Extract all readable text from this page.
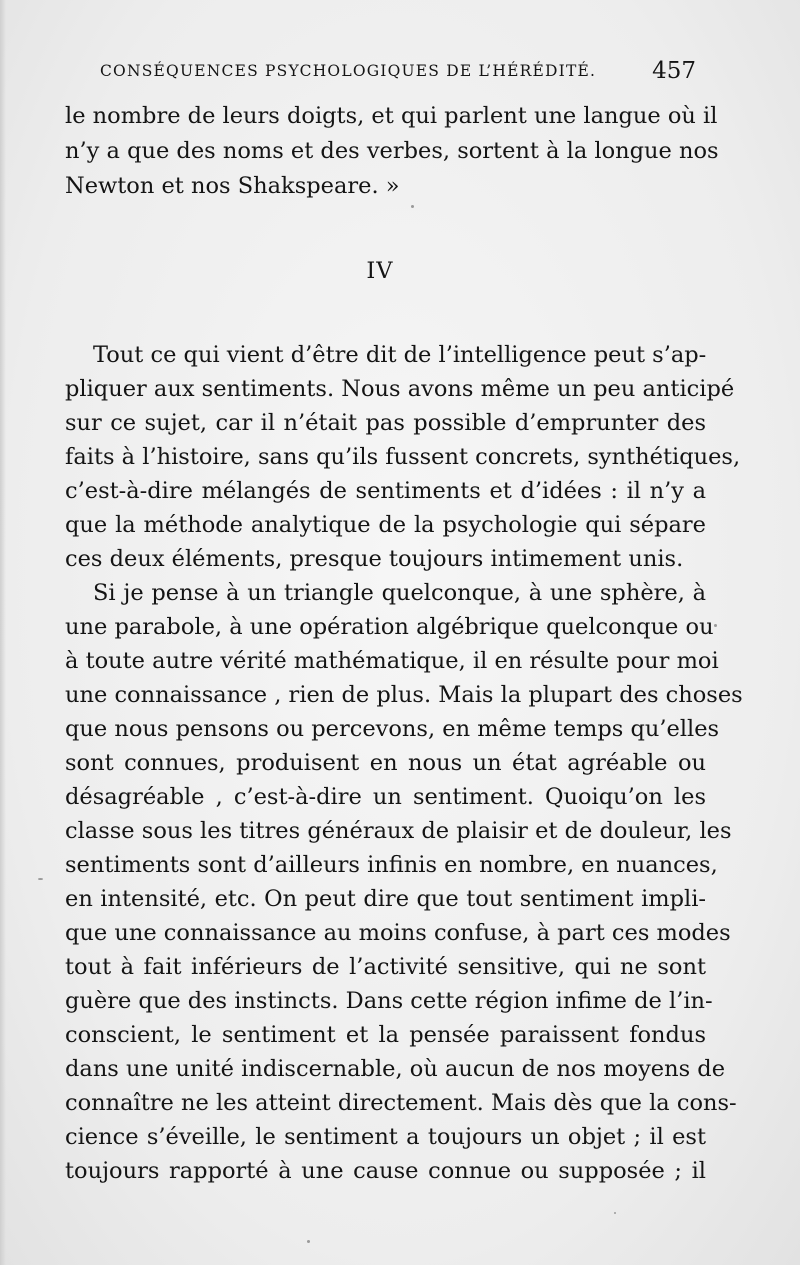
CONSÉQUENCES PSYCHOLOGIQUES DE L’HÉRÉDITÉ. 457
le nombre de leurs doigts, et qui parlent une langue où il
n’y a que des noms et des verbes, sortent à la longue nos
Newton et nos Shakspeare. »
IV
Tout ce qui vient d’être dit de l’intelligence peut s’ap-
pliquer aux sentiments. Nous avons même un peu anticipé
sur ce sujet, car il n’était pas possible d’emprunter des
faits à l’histoire, sans qu’ils fussent concrets, synthétiques,
c’est-à-dire mélangés de sentiments et d’idées : il n’y a
que la méthode analytique de la psychologie qui sépare
ces deux éléments, presque toujours intimement unis.
Si je pense à un triangle quelconque, à une sphère, à
une parabole, à une opération algébrique quelconque ou
à toute autre vérité mathématique, il en résulte pour moi
une connaissance , rien de plus. Mais la plupart des choses
que nous pensons ou percevons, en même temps qu’elles
sont connues, produisent en nous un état agréable ou
désagréable , c’est-à-dire un sentiment. Quoiqu’on les
classe sous les titres généraux de plaisir et de douleur, les
sentiments sont d’ailleurs infinis en nombre, en nuances,
en intensité, etc. On peut dire que tout sentiment impli-
que une connaissance au moins confuse, à part ces modes
tout à fait inférieurs de l’activité sensitive, qui ne sont
guère que des instincts. Dans cette région infime de l’in-
conscient, le sentiment et la pensée paraissent fondus
dans une unité indiscernable, où aucun de nos moyens de
connaître ne les atteint directement. Mais dès que la cons-
cience s’éveille, le sentiment a toujours un objet ; il est
toujours rapporté à une cause connue ou supposée ; il
